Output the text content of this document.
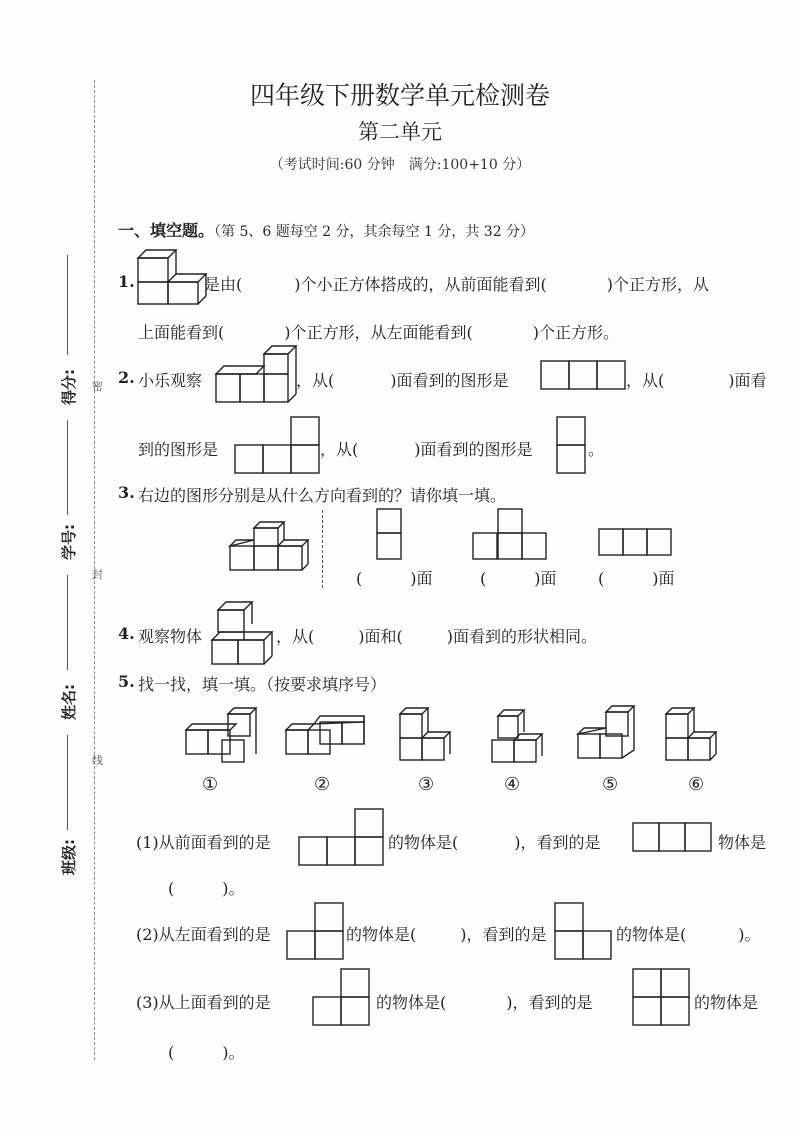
四年级下册数学单元检测卷
第二单元
（考试时间:60 分钟　满分:100+10 分）
密
封
线
得分:
学号:
姓名:
班级:
一、填空题。（第 5、6 题每空 2 分，其余每空 1 分，共 32 分）
1.	是由(	)个小正方体搭成的，从前面能看到(	)个正方形，从
上面能看到(	)个正方形，从左面能看到(	)个正方形。
2. 小乐观察	，从(	)面看到的图形是	，从(	)面看
到的图形是	，从(	)面看到的图形是	。
3. 右边的图形分别是从什么方向看到的？请你填一填。
(　　　)面	(　　　)面	(　　　)面
4. 观察物体	，从(	)面和(	)面看到的形状相同。
5. 找一找，填一填。（按要求填序号）
①	②	③	④	⑤	⑥
(1)从前面看到的是	的物体是(	)，看到的是	物体是
(　　　)。
(2)从左面看到的是	的物体是(	)，看到的是	的物体是(	)。
(3)从上面看到的是	的物体是(	)，看到的是	的物体是
(　　　)。
